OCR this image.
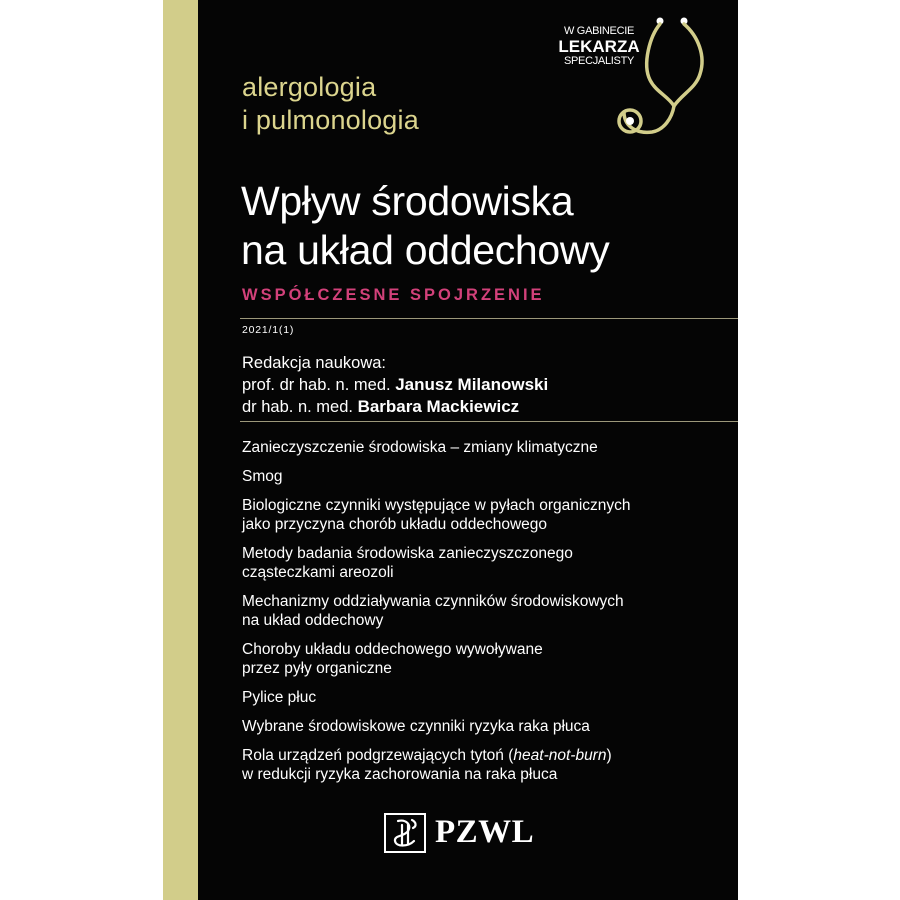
W GABINECIE
LEKARZA
SPECJALISTY
alergologia
i pulmonologia
Wpływ środowiska
na układ oddechowy
WSPÓŁCZESNE SPOJRZENIE
2021/1(1)
Redakcja naukowa:
prof. dr hab. n. med. Janusz Milanowski
dr hab. n. med. Barbara Mackiewicz
Zanieczyszczenie środowiska – zmiany klimatyczne
Smog
Biologiczne czynniki występujące w pyłach organicznych
jako przyczyna chorób układu oddechowego
Metody badania środowiska zanieczyszczonego
cząsteczkami areozoli
Mechanizmy oddziaływania czynników środowiskowych
na układ oddechowy
Choroby układu oddechowego wywoływane
przez pyły organiczne
Pylice płuc
Wybrane środowiskowe czynniki ryzyka raka płuca
Rola urządzeń podgrzewających tytoń (heat-not-burn)
w redukcji ryzyka zachorowania na raka płuca
PZWL
